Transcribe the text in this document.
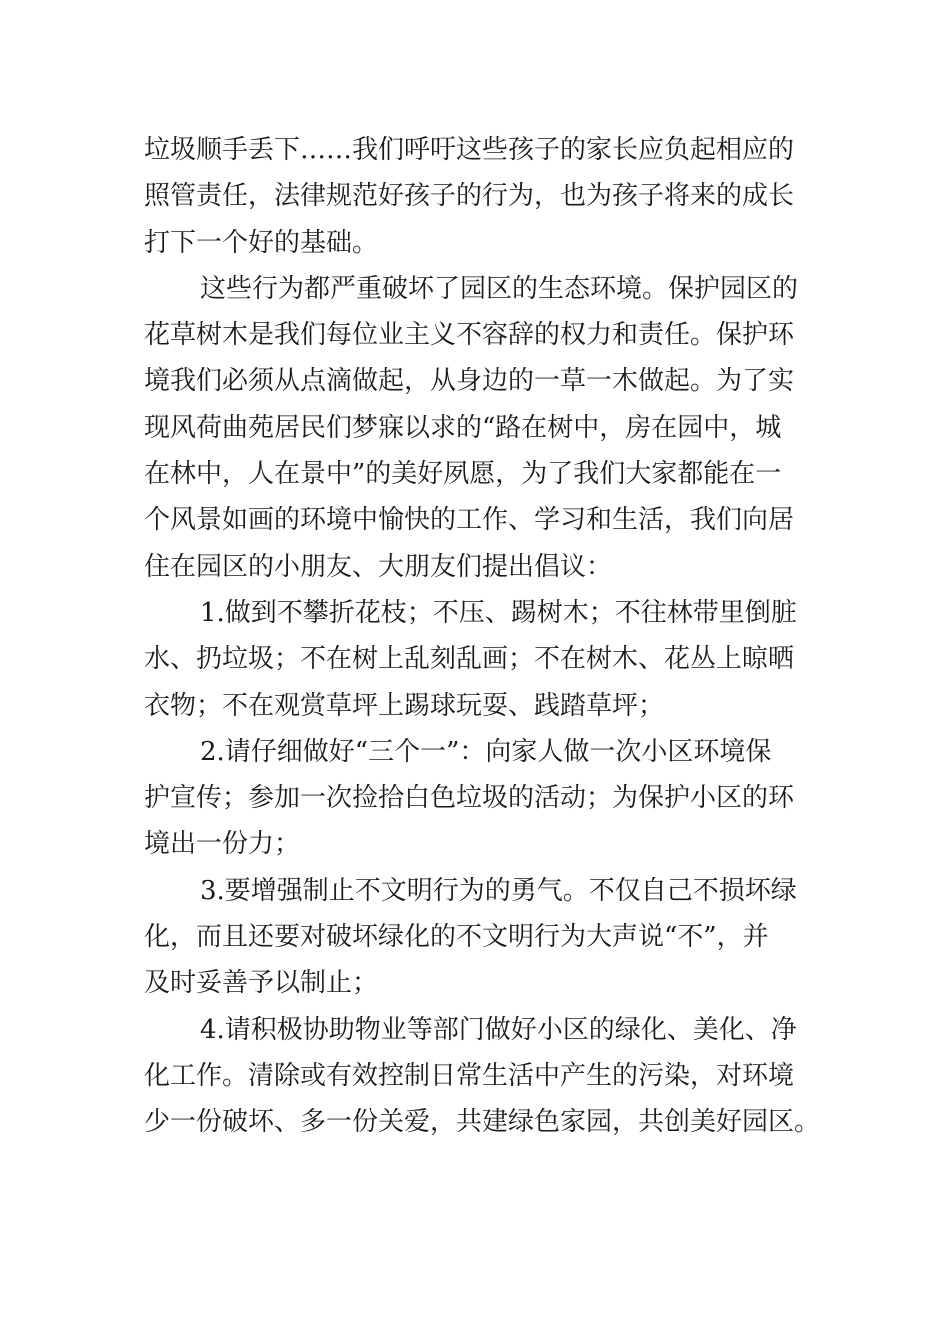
垃圾顺手丢下……我们呼吁这些孩子的家长应负起相应的
照管责任，法律规范好孩子的行为，也为孩子将来的成长
打下一个好的基础。
这些行为都严重破坏了园区的生态环境。保护园区的
花草树木是我们每位业主义不容辞的权力和责任。保护环
境我们必须从点滴做起，从身边的一草一木做起。为了实
现风荷曲苑居民们梦寐以求的“路在树中，房在园中，城
在林中，人在景中”的美好夙愿，为了我们大家都能在一
个风景如画的环境中愉快的工作、学习和生活，我们向居
住在园区的小朋友、大朋友们提出倡议：
1.做到不攀折花枝；不压、踢树木；不往林带里倒脏
水、扔垃圾；不在树上乱刻乱画；不在树木、花丛上晾晒
衣物；不在观赏草坪上踢球玩耍、践踏草坪；
2.请仔细做好“三个一”：向家人做一次小区环境保
护宣传；参加一次捡拾白色垃圾的活动；为保护小区的环
境出一份力；
3.要增强制止不文明行为的勇气。不仅自己不损坏绿
化，而且还要对破坏绿化的不文明行为大声说“不”，并
及时妥善予以制止；
4.请积极协助物业等部门做好小区的绿化、美化、净
化工作。清除或有效控制日常生活中产生的污染，对环境
少一份破坏、多一份关爱，共建绿色家园，共创美好园区。
